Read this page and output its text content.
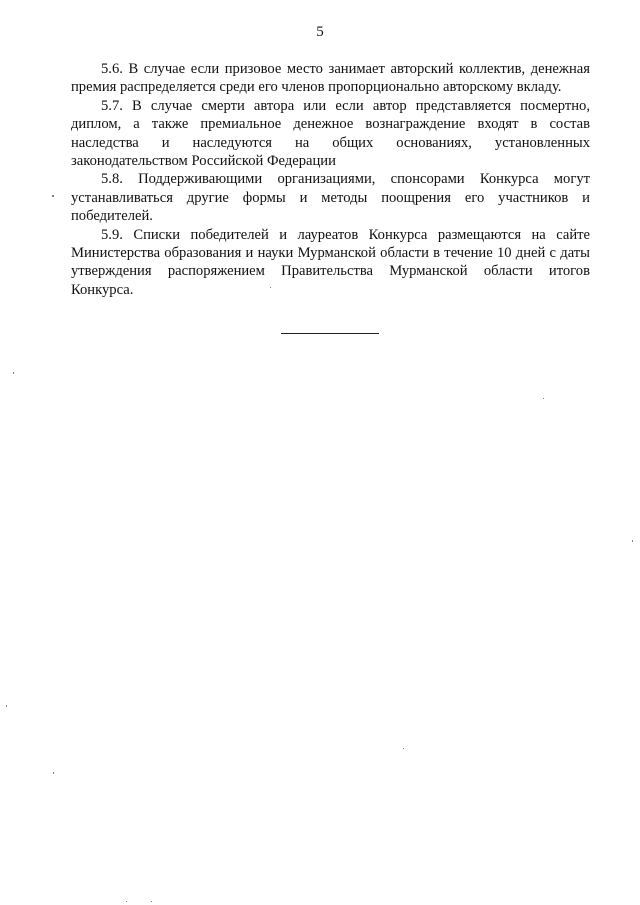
5

5.6. В случае если призовое место занимает авторский коллектив, денежная премия распределяется среди его членов пропорционально авторскому вкладу.

5.7. В случае смерти автора или если автор представляется посмертно, диплом, а также премиальное денежное вознаграждение входят в состав наследства и наследуются на общих основаниях, установленных законодательством Российской Федерации

5.8. Поддерживающими организациями, спонсорами Конкурса могут устанавливаться другие формы и методы поощрения его участников и победителей.

5.9. Списки победителей и лауреатов Конкурса размещаются на сайте Министерства образования и науки Мурманской области в течение 10 дней с даты утверждения распоряжением Правительства Мурманской области итогов Конкурса.
